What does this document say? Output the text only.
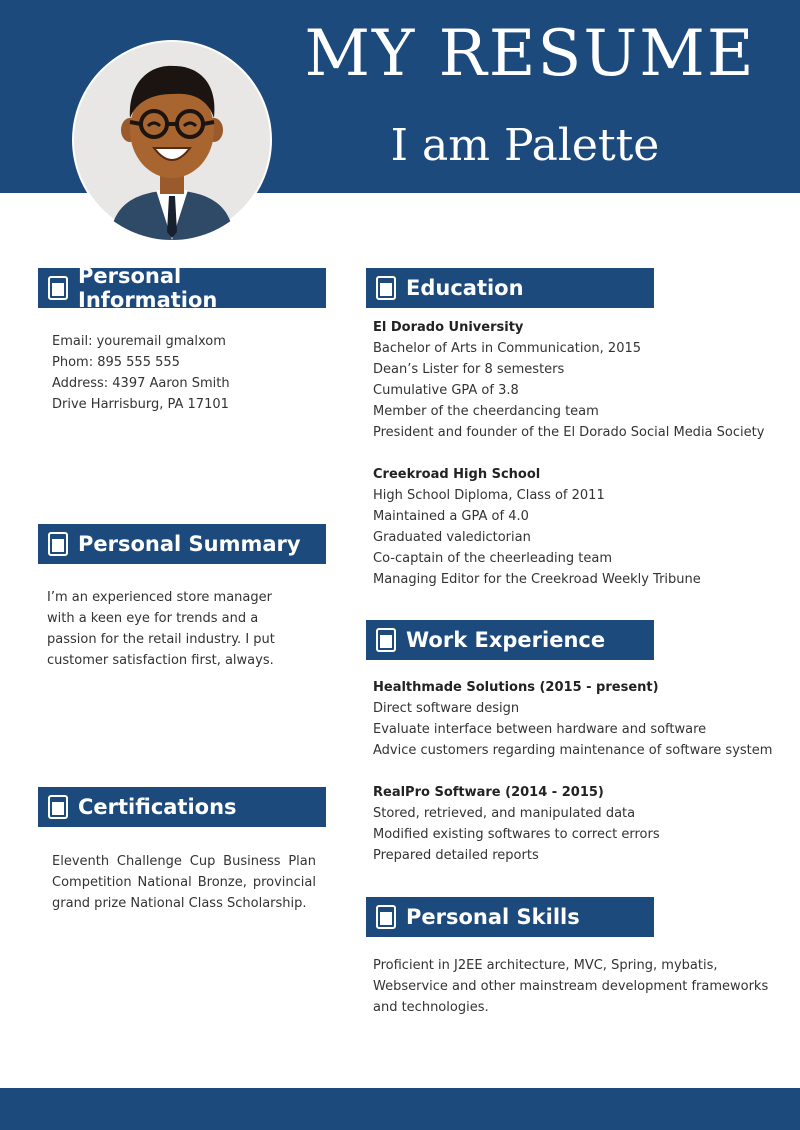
MY RESUME
I am Palette
Personal Information
Email: youremail gmalxom
Phom: 895 555 555
Address: 4397 Aaron Smith
Drive Harrisburg, PA 17101
Personal Summary
I’m an experienced store manager
with a keen eye for trends and a
passion for the retail industry. I put
customer satisfaction first, always.
Certifications
Eleventh Challenge Cup Business Plan Competition National Bronze, provincial grand prize National Class Scholarship.
Education
El Dorado University
Bachelor of Arts in Communication, 2015
Dean’s Lister for 8 semesters
Cumulative GPA of 3.8
Member of the cheerdancing team
President and founder of the El Dorado Social Media Society
Creekroad High School
High School Diploma, Class of 2011
Maintained a GPA of 4.0
Graduated valedictorian
Co-captain of the cheerleading team
Managing Editor for the Creekroad Weekly Tribune
Work Experience
Healthmade Solutions (2015 - present)
Direct software design
Evaluate interface between hardware and software
Advice customers regarding maintenance of software system
RealPro Software (2014 - 2015)
Stored, retrieved, and manipulated data
Modified existing softwares to correct errors
Prepared detailed reports
Personal Skills
Proficient in J2EE architecture, MVC, Spring, mybatis,
Webservice and other mainstream development frameworks
and technologies.
